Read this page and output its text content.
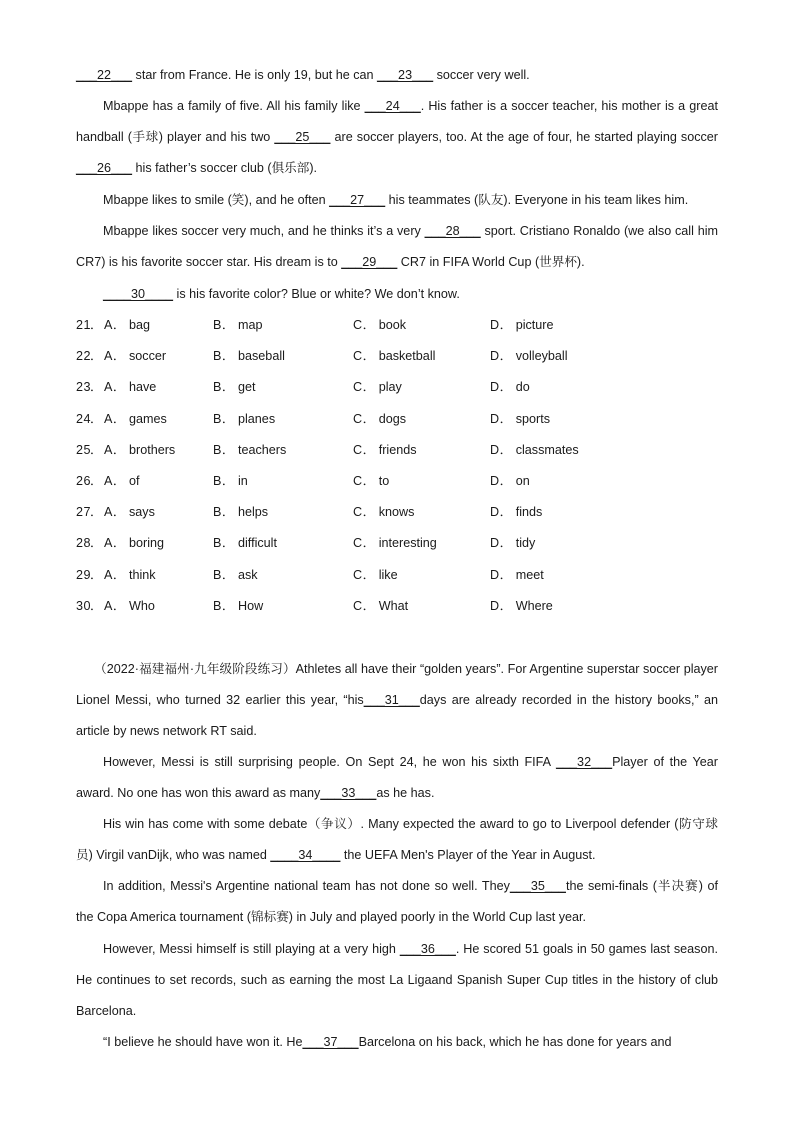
___22___ star from France. He is only 19, but he can ___23___ soccer very well.

Mbappe has a family of five. All his family like ___24___. His father is a soccer teacher, his mother is a great handball (手球) player and his two ___25___ are soccer players, too. At the age of four, he started playing soccer ___26___ his father’s soccer club (俱乐部).

Mbappe likes to smile (笑), and he often ___27___ his teammates (队友). Everyone in his team likes him.

Mbappe likes soccer very much, and he thinks it’s a very ___28___ sport. Cristiano Ronaldo (we also call him CR7) is his favorite soccer star. His dream is to ___29___ CR7 in FIFA World Cup (世界杯).

____30____ is his favorite color? Blue or white? We don’t know.

21
． A ． bag	B ． map	C ． book	D ． picture
22
． A ． soccer	B ． baseball	C ． basketball	D ． volleyball
23
． A ． have	B ． get	C ． play	D ． do
24
． A ． games	B ． planes	C ． dogs	D ． sports
25
． A ． brothers	B ． teachers	C ． friends	D ． classmates
26
． A ． of	B ． in	C ． to	D ． on
27
． A ． says	B ． helps	C ． knows	D ． finds
28
． A ． boring	B ． difficult	C ． interesting	D ． tidy
29
． A ． think	B ． ask	C ． like	D ． meet
30
． A ． Who	B ． How	C ． What	D ． Where

（2022·福建福州·九年级阶段练习）Athletes all have their “golden years”. For Argentine superstar soccer player Lionel Messi, who turned 32 earlier this year, “his___31___days are already recorded in the history books,” an article by news network RT said.

However, Messi is still surprising people. On Sept 24, he won his sixth FIFA ___32___Player of the Year award. No one has won this award as many___33___as he has.

His win has come with some debate（争议）. Many expected the award to go to Liverpool defender (防守球员) Virgil vanDijk, who was named ____34____ the UEFA Men's Player of the Year in August.

In addition, Messi's Argentine national team has not done so well. They___35___the semi-finals (半决赛) of the Copa America tournament (锦标赛) in July and played poorly in the World Cup last year.

However, Messi himself is still playing at a very high ___36___. He scored 51 goals in 50 games last season. He continues to set records, such as earning the most La Ligaand Spanish Super Cup titles in the history of club Barcelona.

“I believe he should have won it. He___37___Barcelona on his back, which he has done for years and
